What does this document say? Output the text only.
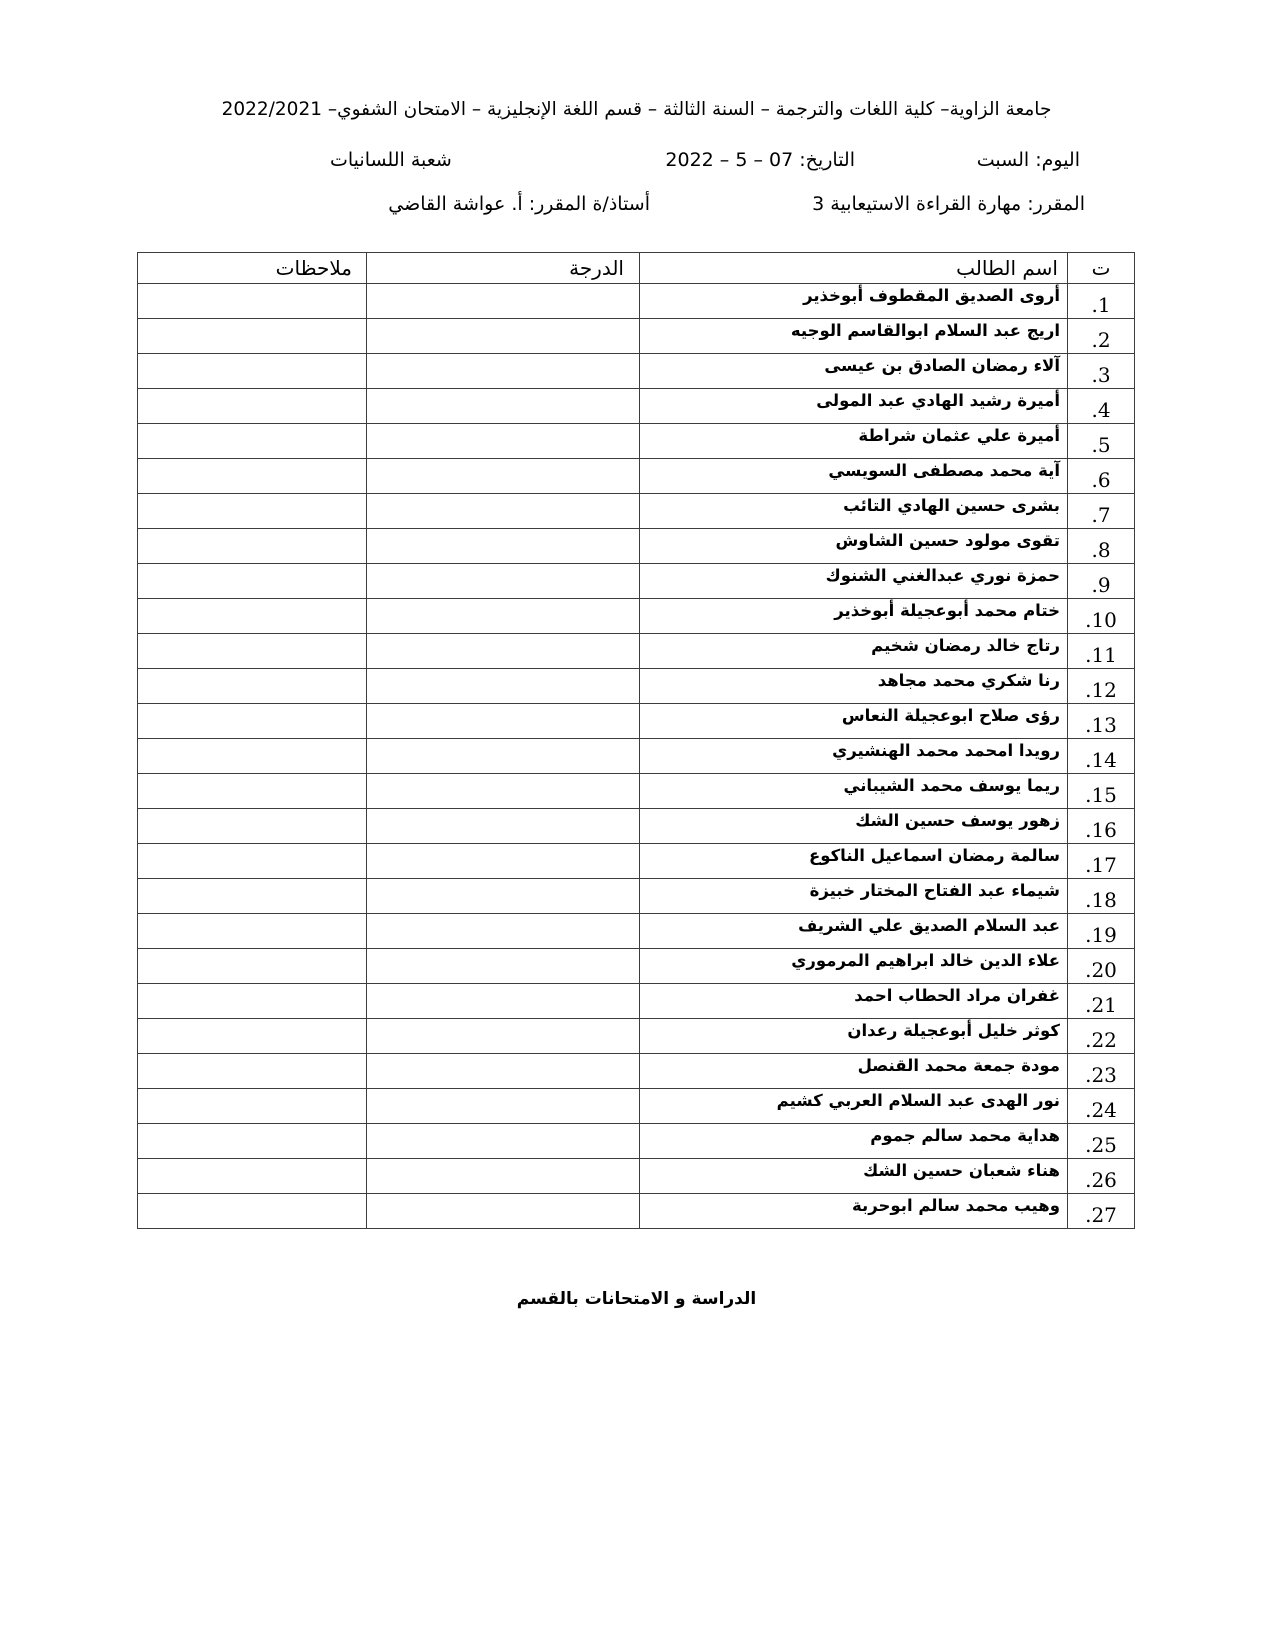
جامعة الزاوية– كلية اللغات والترجمة – السنة الثالثة – قسم اللغة الإنجليزية – الامتحان الشفوي– 2022/2021
اليوم: السبت
التاريخ: 07 – 5 – 2022
شعبة اللسانيات
المقرر: مهارة القراءة الاستيعابية 3
أستاذ/ة المقرر: أ. عواشة القاضي
ت	اسم الطالب	الدرجة	ملاحظات
1.	أروى الصديق المقطوف أبوخذير		
2.	اريج عبد السلام ابوالقاسم الوجيه		
3.	آلاء رمضان الصادق بن عيسى		
4.	أميرة رشيد الهادي عبد المولى		
5.	أميرة علي عثمان شراطة		
6.	آية محمد مصطفى السويسي		
7.	بشرى حسين الهادي التائب		
8.	تقوى مولود حسين الشاوش		
9.	حمزة نوري عبدالغني الشنوك		
10.	ختام محمد أبوعجيلة أبوخذير		
11.	رتاج خالد رمضان شخيم		
12.	رنا شكري محمد مجاهد		
13.	رؤى صلاح ابوعجيلة النعاس		
14.	رويدا امحمد محمد الهنشيري		
15.	ريما يوسف محمد الشيباني		
16.	زهور يوسف حسين الشك		
17.	سالمة رمضان اسماعيل الناكوع		
18.	شيماء عبد الفتاح المختار خبيزة		
19.	عبد السلام الصديق علي الشريف		
20.	علاء الدين خالد ابراهيم المرموري		
21.	غفران مراد الحطاب احمد		
22.	كوثر خليل أبوعجيلة رعدان		
23.	مودة جمعة محمد القنصل		
24.	نور الهدى عبد السلام العربي كشيم		
25.	هداية محمد سالم جموم		
26.	هناء شعبان حسين الشك		
27.	وهيب محمد سالم ابوحربة		
الدراسة و الامتحانات بالقسم
